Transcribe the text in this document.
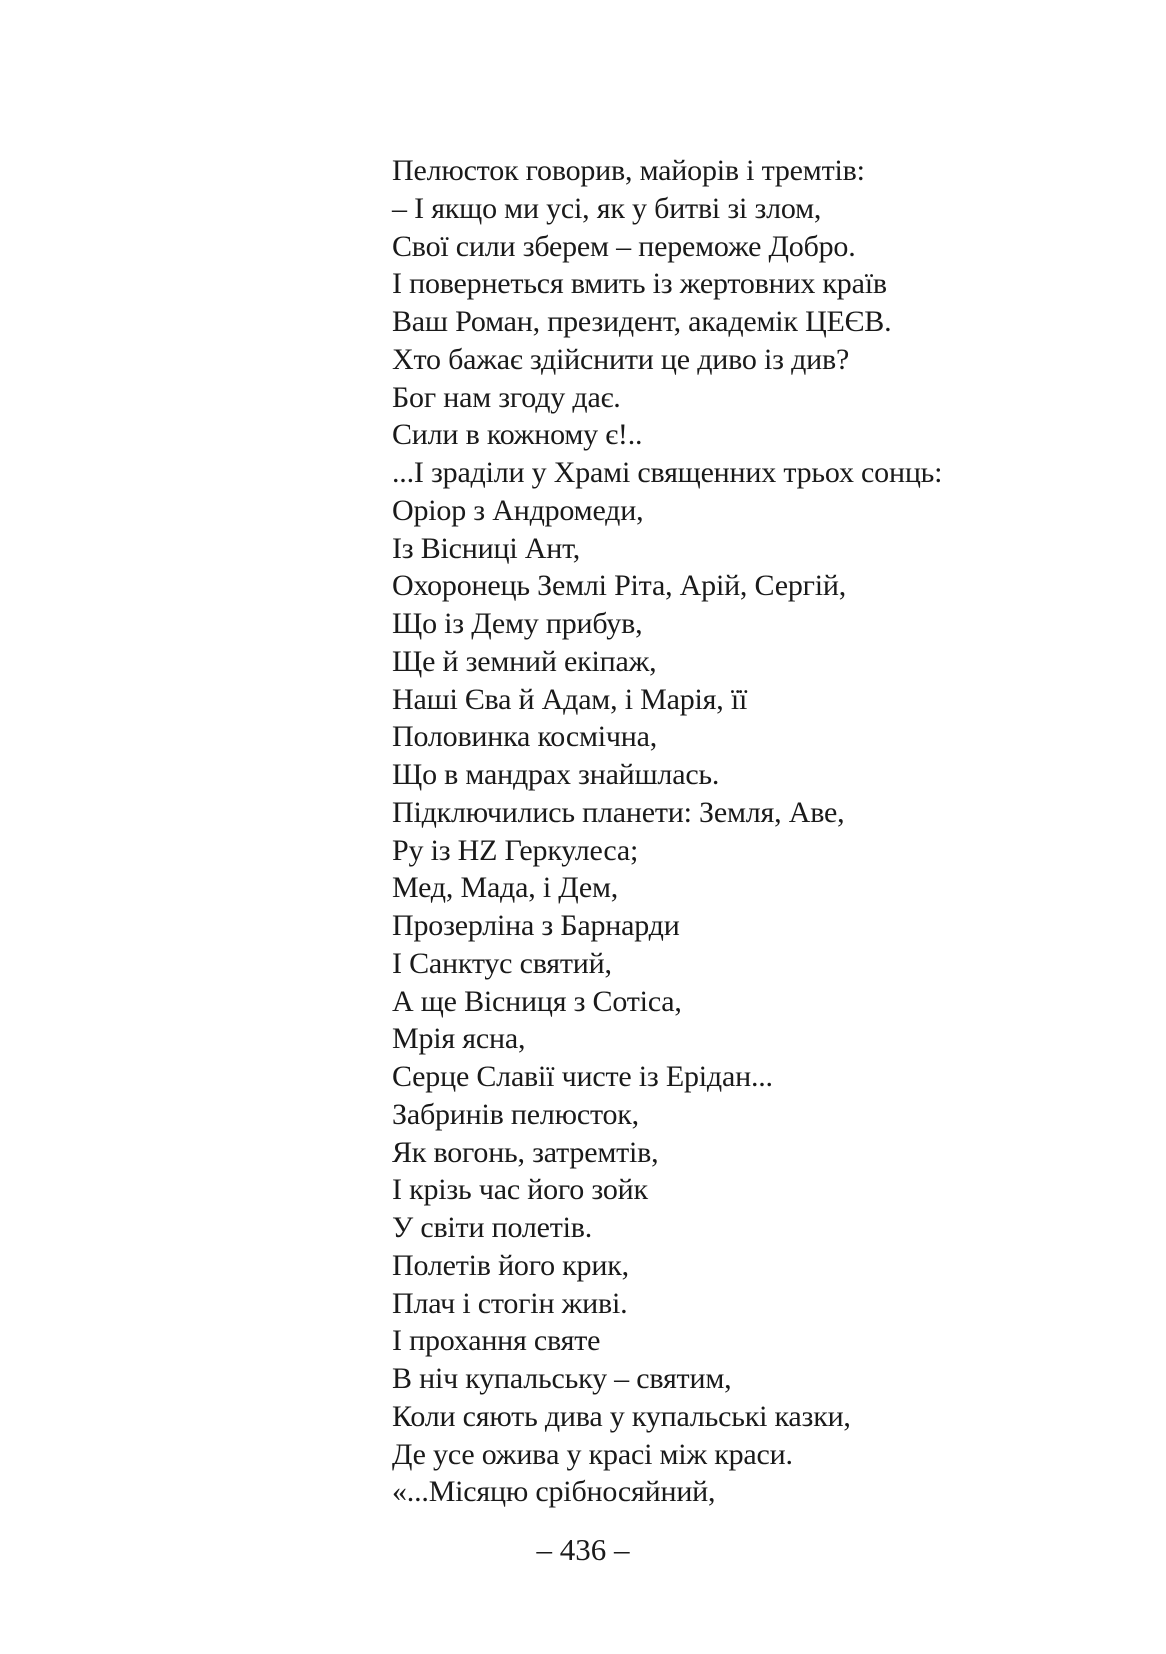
Пелюсток говорив, майорів і тремтів:
– І якщо ми усі, як у битві зі злом,
Свої сили зберем – переможе Добро.
І повернеться вмить із жертовних країв
Ваш Роман, президент, академік ЦЕЄВ.
Хто бажає здійснити це диво із див?
Бог нам згоду дає.
Сили в кожному є!..
...І зраділи у Храмі священних трьох сонць:
Оріор з Андромеди,
Із Вісниці Ант,
Охоронець Землі Ріта, Арій, Сергій,
Що із Дему прибув,
Ще й земний екіпаж,
Наші Єва й Адам, і Марія, її
Половинка космічна,
Що в мандрах знайшлась.
Підключились планети: Земля, Аве,
Ру із HZ Геркулеса;
Мед, Мада, і Дем,
Прозерліна з Барнарди
І Санктус святий,
А ще Вісниця з Сотіса,
Мрія ясна,
Серце Славії чисте із Ерідан...
Забринів пелюсток,
Як вогонь, затремтів,
І крізь час його зойк
У світи полетів.
Полетів його крик,
Плач і стогін живі.
І прохання святе
В ніч купальську – святим,
Коли сяють дива у купальські казки,
Де усе оживa у красі між краси.
«...Місяцю срібносяйний,
– 436 –
